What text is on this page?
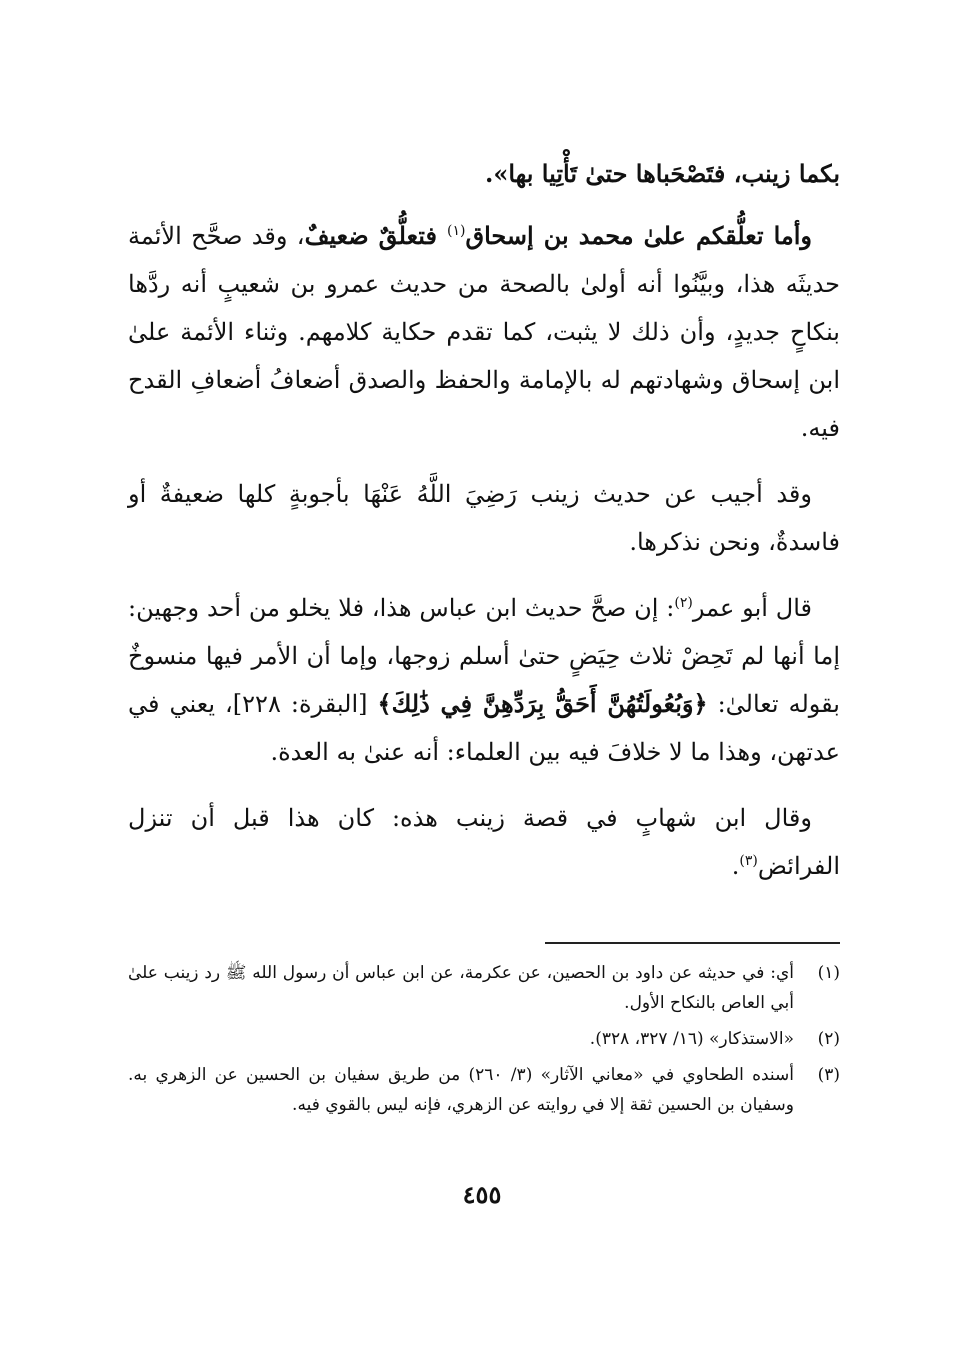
بكما زينب، فتَصْحَباها حتىٰ تَأْتِيا بها».

وأما تعلُّقكم علىٰ محمد بن إسحاق$^{(١)}$ فتعلُّقٌ ضعيفٌ، وقد صحَّح الأئمة حديثَه هذا، وبيَّنُوا أنه أولىٰ بالصحة من حديث عمرو بن شعيبٍ أنه ردَّها بنكاحٍ جديدٍ، وأن ذلك لا يثبت، كما تقدم حكاية كلامهم. وثناء الأئمة علىٰ ابن إسحاق وشهادتهم له بالإمامة والحفظ والصدق أضعافُ أضعافِ القدح فيه.

وقد أجيب عن حديث زينب رَضِيَ اللَّهُ عَنْهَا بأجوبةٍ كلها ضعيفةٌ أو فاسدةٌ، ونحن نذكرها.

قال أبو عمر$^{(٢)}$: إن صحَّ حديث ابن عباس هذا، فلا يخلو من أحد وجهين: إما أنها لم تَحِضْ ثلاث حِيَضٍ حتىٰ أسلم زوجها، وإما أن الأمر فيها منسوخٌ بقوله تعالىٰ: ﴿وَبُعُولَتُهُنَّ أَحَقُّ بِرَدِّهِنَّ فِي ذَٰلِكَ﴾ [البقرة: ٢٢٨]، يعني في عدتهن، وهذا ما لا خلافَ فيه بين العلماء: أنه عنىٰ به العدة.

وقال ابن شهابٍ في قصة زينب هذه: كان هذا قبل أن تنزل الفرائض$^{(٣)}$.

(١)أي: في حديثه عن داود بن الحصين، عن عكرمة، عن ابن عباس أن رسول الله ﷺ رد زينب علىٰ أبي العاص بالنكاح الأول.

(٢)«الاستذكار» (١٦/ ٣٢٧، ٣٢٨).

(٣)أسنده الطحاوي في «معاني الآثار» (٣/ ٢٦٠) من طريق سفيان بن الحسين عن الزهري به. وسفيان بن الحسين ثقة إلا في روايته عن الزهري، فإنه ليس بالقوي فيه.

٤٥٥
